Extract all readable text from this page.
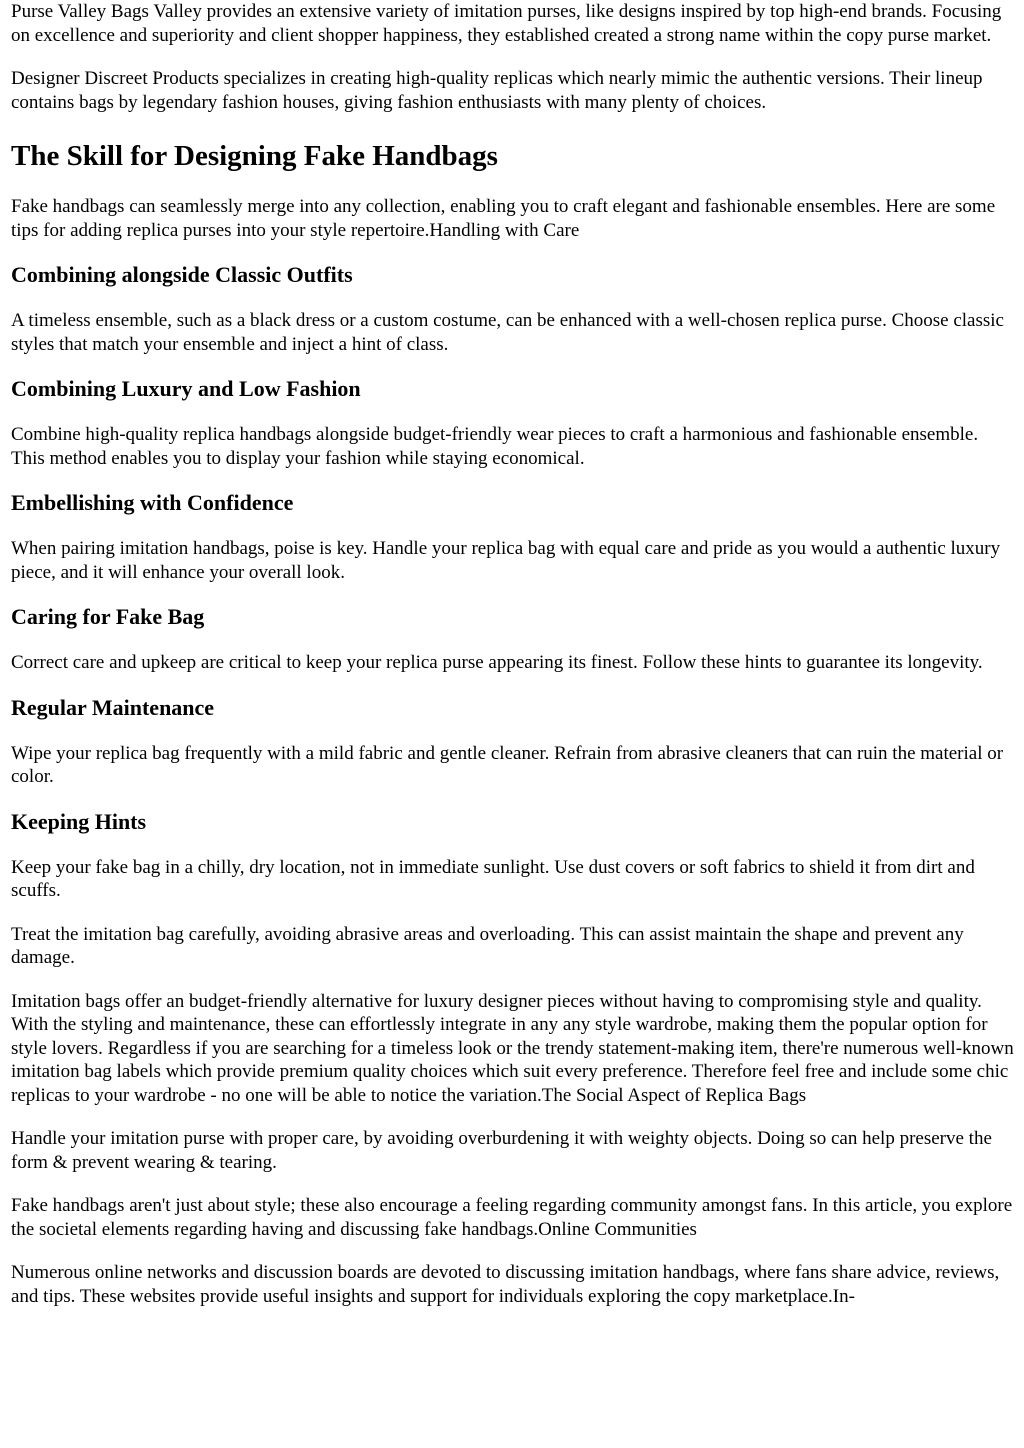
Purse Valley Bags Valley provides an extensive variety of imitation purses, like designs inspired by top high-end brands. Focusing on excellence and superiority and client shopper happiness, they established created a strong name within the copy purse market.

Designer Discreet Products specializes in creating high-quality replicas which nearly mimic the authentic versions. Their lineup contains bags by legendary fashion houses, giving fashion enthusiasts with many plenty of choices.

The Skill for Designing Fake Handbags

Fake handbags can seamlessly merge into any collection, enabling you to craft elegant and fashionable ensembles. Here are some tips for adding replica purses into your style repertoire.Handling with Care

Combining alongside Classic Outfits

A timeless ensemble, such as a black dress or a custom costume, can be enhanced with a well-chosen replica purse. Choose classic styles that match your ensemble and inject a hint of class.

Combining Luxury and Low Fashion

Combine high-quality replica handbags alongside budget-friendly wear pieces to craft a harmonious and fashionable ensemble. This method enables you to display your fashion while staying economical.

Embellishing with Confidence

When pairing imitation handbags, poise is key. Handle your replica bag with equal care and pride as you would a authentic luxury piece, and it will enhance your overall look.

Caring for Fake Bag

Correct care and upkeep are critical to keep your replica purse appearing its finest. Follow these hints to guarantee its longevity.

Regular Maintenance

Wipe your replica bag frequently with a mild fabric and gentle cleaner. Refrain from abrasive cleaners that can ruin the material or color.

Keeping Hints

Keep your fake bag in a chilly, dry location, not in immediate sunlight. Use dust covers or soft fabrics to shield it from dirt and scuffs.

Treat the imitation bag carefully, avoiding abrasive areas and overloading. This can assist maintain the shape and prevent any damage.

Imitation bags offer an budget-friendly alternative for luxury designer pieces without having to compromising style and quality. With the styling and maintenance, these can effortlessly integrate in any any style wardrobe, making them the popular option for style lovers. Regardless if you are searching for a timeless look or the trendy statement-making item, there're numerous well-known imitation bag labels which provide premium quality choices which suit every preference. Therefore feel free and include some chic replicas to your wardrobe - no one will be able to notice the variation.The Social Aspect of Replica Bags

Handle your imitation purse with proper care, by avoiding overburdening it with weighty objects. Doing so can help preserve the form & prevent wearing & tearing.

Fake handbags aren't just about style; these also encourage a feeling regarding community amongst fans. In this article, you explore the societal elements regarding having and discussing fake handbags.Online Communities

Numerous online networks and discussion boards are devoted to discussing imitation handbags, where fans share advice, reviews, and tips. These websites provide useful insights and support for individuals exploring the copy marketplace.In-
